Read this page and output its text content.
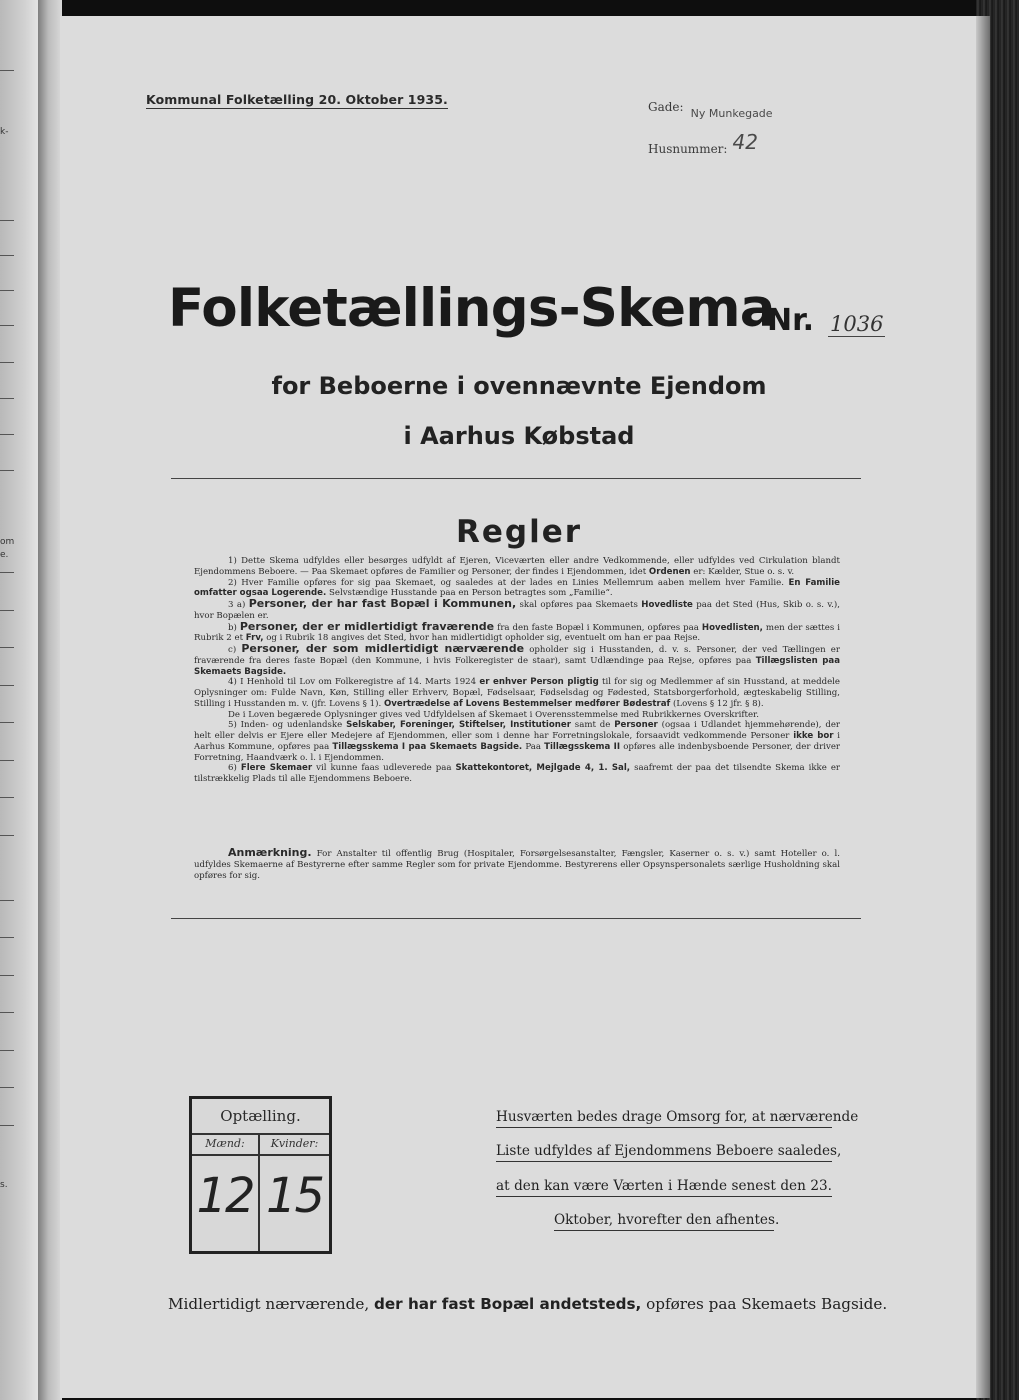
k-
om
e.
s.
Kommunal Folketælling 20. Oktober 1935.	Gade: $_{Ny Munkegade}$
Husnummer: 42
Folketællings-Skema
Nr. 1036
for Beboerne i ovennævnte Ejendom
i Aarhus Købstad
Regler

1) Dette Skema udfyldes eller besørges udfyldt af Ejeren, Viceværten eller andre Vedkommende, eller udfyldes ved Cirkulation blandt Ejendommens Beboere. — Paa Skemaet opføres de Familier og Personer, der findes i Ejendommen, idet Ordenen er: Kælder, Stue o. s. v.

2) Hver Familie opføres for sig paa Skemaet, og saaledes at der lades en Linies Mellemrum aaben mellem hver Familie. En Familie omfatter ogsaa Logerende. Selvstændige Husstande paa en Person betragtes som „Familie“.

3 a) Personer, der har fast Bopæl i Kommunen, skal opføres paa Skemaets Hovedliste paa det Sted (Hus, Skib o. s. v.), hvor Bopælen er.

b) Personer, der er midlertidigt fraværende fra den faste Bopæl i Kommunen, opføres paa Hovedlisten, men der sættes i Rubrik 2 et Frv, og i Rubrik 18 angives det Sted, hvor han midlertidigt opholder sig, eventuelt om han er paa Rejse.

c) Personer, der som midlertidigt nærværende opholder sig i Husstanden, d. v. s. Personer, der ved Tællingen er fraværende fra deres faste Bopæl (den Kommune, i hvis Folkeregister de staar), samt Udlændinge paa Rejse, opføres paa Tillægslisten paa Skemaets Bagside.

4) I Henhold til Lov om Folkeregistre af 14. Marts 1924 er enhver Person pligtig til for sig og Medlemmer af sin Husstand, at meddele Oplysninger om: Fulde Navn, Køn, Stilling eller Erhverv, Bopæl, Fødselsaar, Fødselsdag og Fødested, Statsborgerforhold, ægteskabelig Stilling, Stilling i Husstanden m. v. (jfr. Lovens § 1). Overtrædelse af Lovens Bestemmelser medfører Bødestraf (Lovens § 12 jfr. § 8).

De i Loven begærede Oplysninger gives ved Udfyldelsen af Skemaet i Overensstemmelse med Rubrikkernes Overskrifter.

5) Inden- og udenlandske Selskaber, Foreninger, Stiftelser, Institutioner samt de Personer (ogsaa i Udlandet hjemmehørende), der helt eller delvis er Ejere eller Medejere af Ejendommen, eller som i denne har Forretningslokale, forsaavidt vedkommende Personer ikke bor i Aarhus Kommune, opføres paa Tillægsskema I paa Skemaets Bagside. Paa Tillægsskema II opføres alle indenbysboende Personer, der driver Forretning, Haandværk o. l. i Ejendommen.

6) Flere Skemaer vil kunne faas udleverede paa Skattekontoret, Mejlgade 4, 1. Sal, saafremt der paa det tilsendte Skema ikke er tilstrækkelig Plads til alle Ejendommens Beboere.

Anmærkning. For Anstalter til offentlig Brug (Hospitaler, Forsørgelsesanstalter, Fængsler, Kaserner o. s. v.) samt Hoteller o. l. udfyldes Skemaerne af Bestyrerne efter samme Regler som for private Ejendomme. Bestyrerens eller Opsynspersonalets særlige Husholdning skal opføres for sig.

Optælling.
Mænd:
12
Kvinder:
15
Husværten bedes drage Omsorg for, at nærværende
Liste udfyldes af Ejendommens Beboere saaledes,
at den kan være Værten i Hænde senest den 23.
Oktober, hvorefter den afhentes.
Midlertidigt nærværende, der har fast Bopæl andetsteds, opføres paa Skemaets Bagside.
